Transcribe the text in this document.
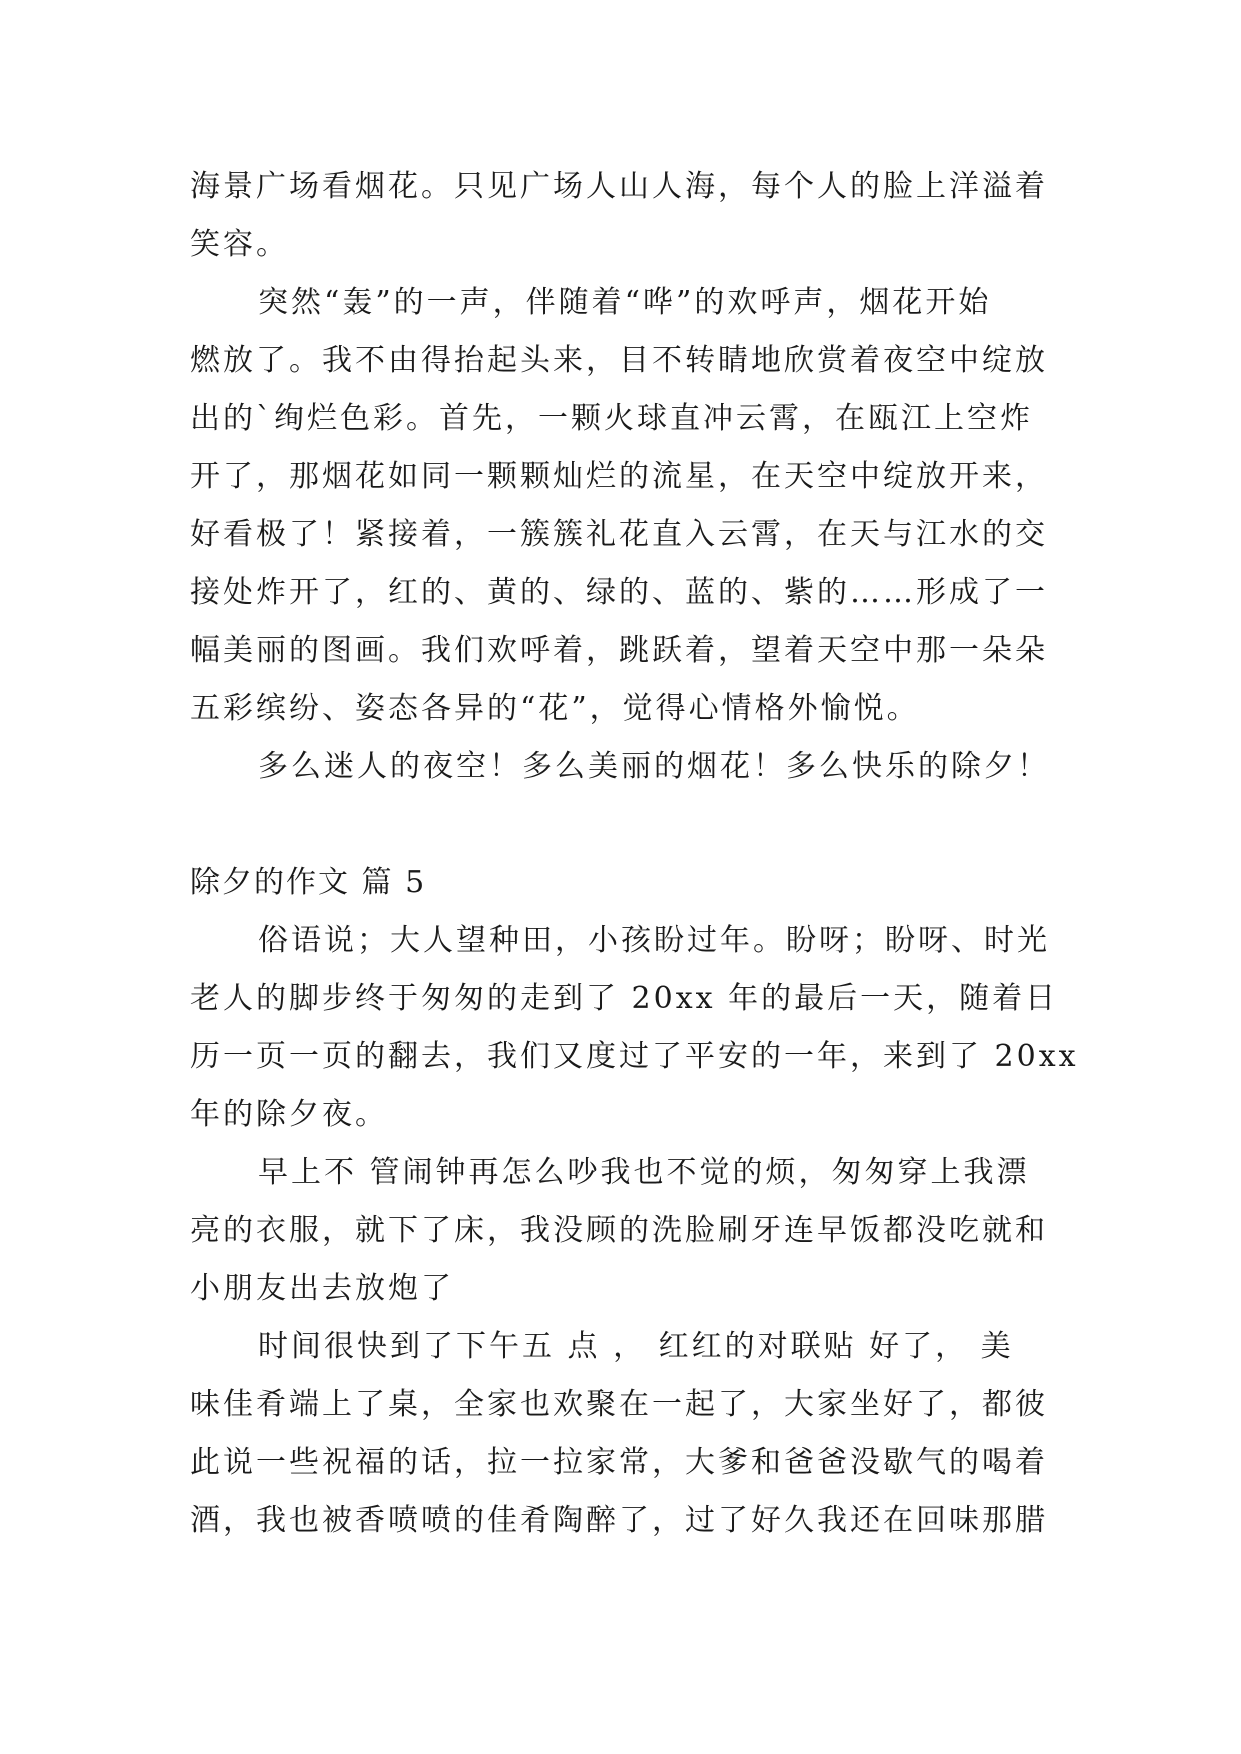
海景广场看烟花。只见广场人山人海，每个人的脸上洋溢着
笑容。
突然“轰”的一声，伴随着“哗”的欢呼声，烟花开始
燃放了。我不由得抬起头来，目不转睛地欣赏着夜空中绽放
出的`绚烂色彩。首先，一颗火球直冲云霄，在瓯江上空炸
开了，那烟花如同一颗颗灿烂的流星，在天空中绽放开来，
好看极了！紧接着，一簇簇礼花直入云霄，在天与江水的交
接处炸开了，红的、黄的、绿的、蓝的、紫的……形成了一
幅美丽的图画。我们欢呼着，跳跃着，望着天空中那一朵朵
五彩缤纷、姿态各异的“花”，觉得心情格外愉悦。
多么迷人的夜空！多么美丽的烟花！多么快乐的除夕！
除夕的作文 篇 5
俗语说；大人望种田，小孩盼过年。盼呀；盼呀、时光
老人的脚步终于匆匆的走到了 20xx 年的最后一天，随着日
历一页一页的翻去，我们又度过了平安的一年，来到了 20xx
年的除夕夜。
早上不 管闹钟再怎么吵我也不觉的烦，匆匆穿上我漂
亮的衣服，就下了床，我没顾的洗脸刷牙连早饭都没吃就和
小朋友出去放炮了
时间很快到了下午五 点 ， 红红的对联贴 好了， 美
味佳肴端上了桌，全家也欢聚在一起了，大家坐好了，都彼
此说一些祝福的话，拉一拉家常，大爹和爸爸没歇气的喝着
酒，我也被香喷喷的佳肴陶醉了，过了好久我还在回味那腊
